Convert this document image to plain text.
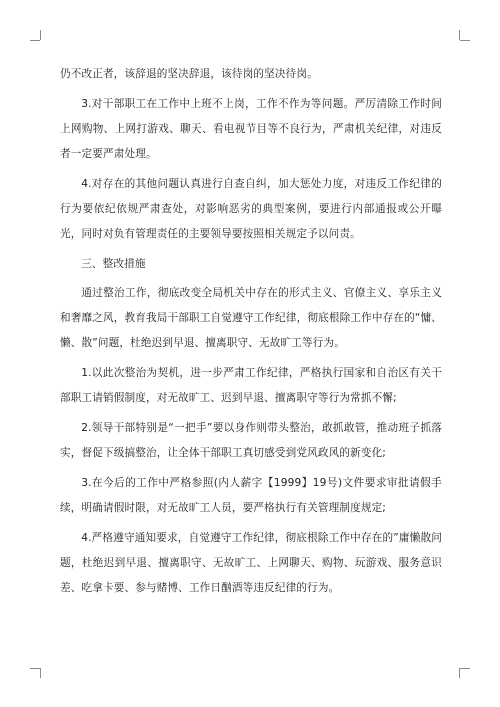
仍不改正者，该辞退的坚决辞退，该待岗的坚决待岗。

3.对干部职工在工作中上班不上岗，工作不作为等问题。严厉清除工作时间上网购物、上网打游戏、聊天、看电视节目等不良行为，严肃机关纪律，对违反者一定要严肃处理。

4.对存在的其他问题认真进行自查自纠，加大惩处力度，对违反工作纪律的行为要依纪依规严肃查处，对影响恶劣的典型案例，要进行内部通报或公开曝光，同时对负有管理责任的主要领导要按照相关规定予以问责。

三、整改措施

通过整治工作，彻底改变全局机关中存在的形式主义、官僚主义、享乐主义和奢靡之风，教育我局干部职工自觉遵守工作纪律，彻底根除工作中存在的“慵、懒、散”问题，杜绝迟到早退、擅离职守、无故旷工等行为。

1.以此次整治为契机，进一步严肃工作纪律，严格执行国家和自治区有关干部职工请销假制度，对无故旷工、迟到早退、擅离职守等行为常抓不懈;

2.领导干部特别是“一把手”要以身作则带头整治，敢抓敢管，推动班子抓落实，督促下级搞整治，让全体干部职工真切感受到党风政风的新变化;

3.在今后的工作中严格参照(内人薪字【1999】19号)文件要求审批请假手续，明确请假时限，对无故旷工人员，要严格执行有关管理制度规定;

4.严格遵守通知要求，自觉遵守工作纪律，彻底根除工作中存在的”庸懒散问题，杜绝迟到早退、擅离职守、无故旷工、上网聊天、购物、玩游戏、服务意识差、吃拿卡要、参与赌博、工作日酗酒等违反纪律的行为。
